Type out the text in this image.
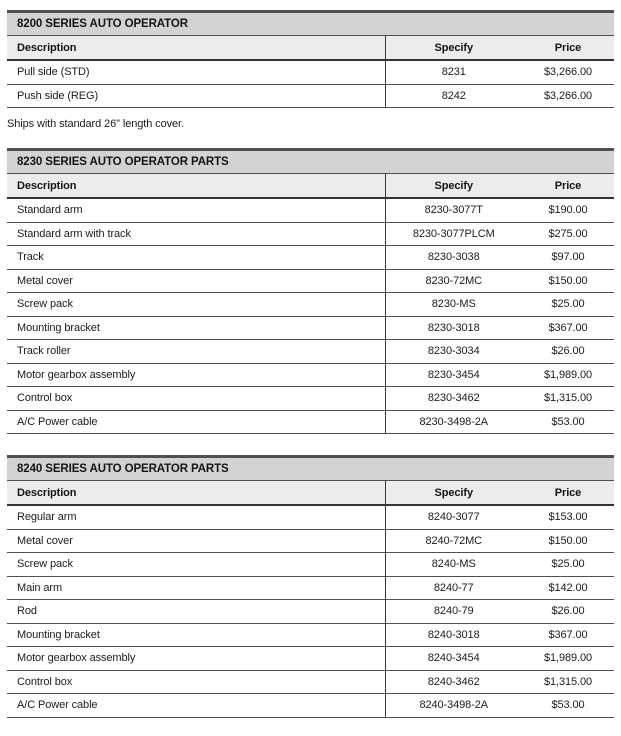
8200 SERIES AUTO OPERATOR
Description	Specify	Price
Pull side (STD)	8231	$3,266.00
Push side (REG)	8242	$3,266.00

Ships with standard 26" length cover.

8230 SERIES AUTO OPERATOR PARTS
Description	Specify	Price
Standard arm	8230-3077T	$190.00
Standard arm with track	8230-3077PLCM	$275.00
Track	8230-3038	$97.00
Metal cover	8230-72MC	$150.00
Screw pack	8230-MS	$25.00
Mounting bracket	8230-3018	$367.00
Track roller	8230-3034	$26.00
Motor gearbox assembly	8230-3454	$1,989.00
Control box	8230-3462	$1,315.00
A/C Power cable	8230-3498-2A	$53.00
8240 SERIES AUTO OPERATOR PARTS
Description	Specify	Price
Regular arm	8240-3077	$153.00
Metal cover	8240-72MC	$150.00
Screw pack	8240-MS	$25.00
Main arm	8240-77	$142.00
Rod	8240-79	$26.00
Mounting bracket	8240-3018	$367.00
Motor gearbox assembly	8240-3454	$1,989.00
Control box	8240-3462	$1,315.00
A/C Power cable	8240-3498-2A	$53.00
